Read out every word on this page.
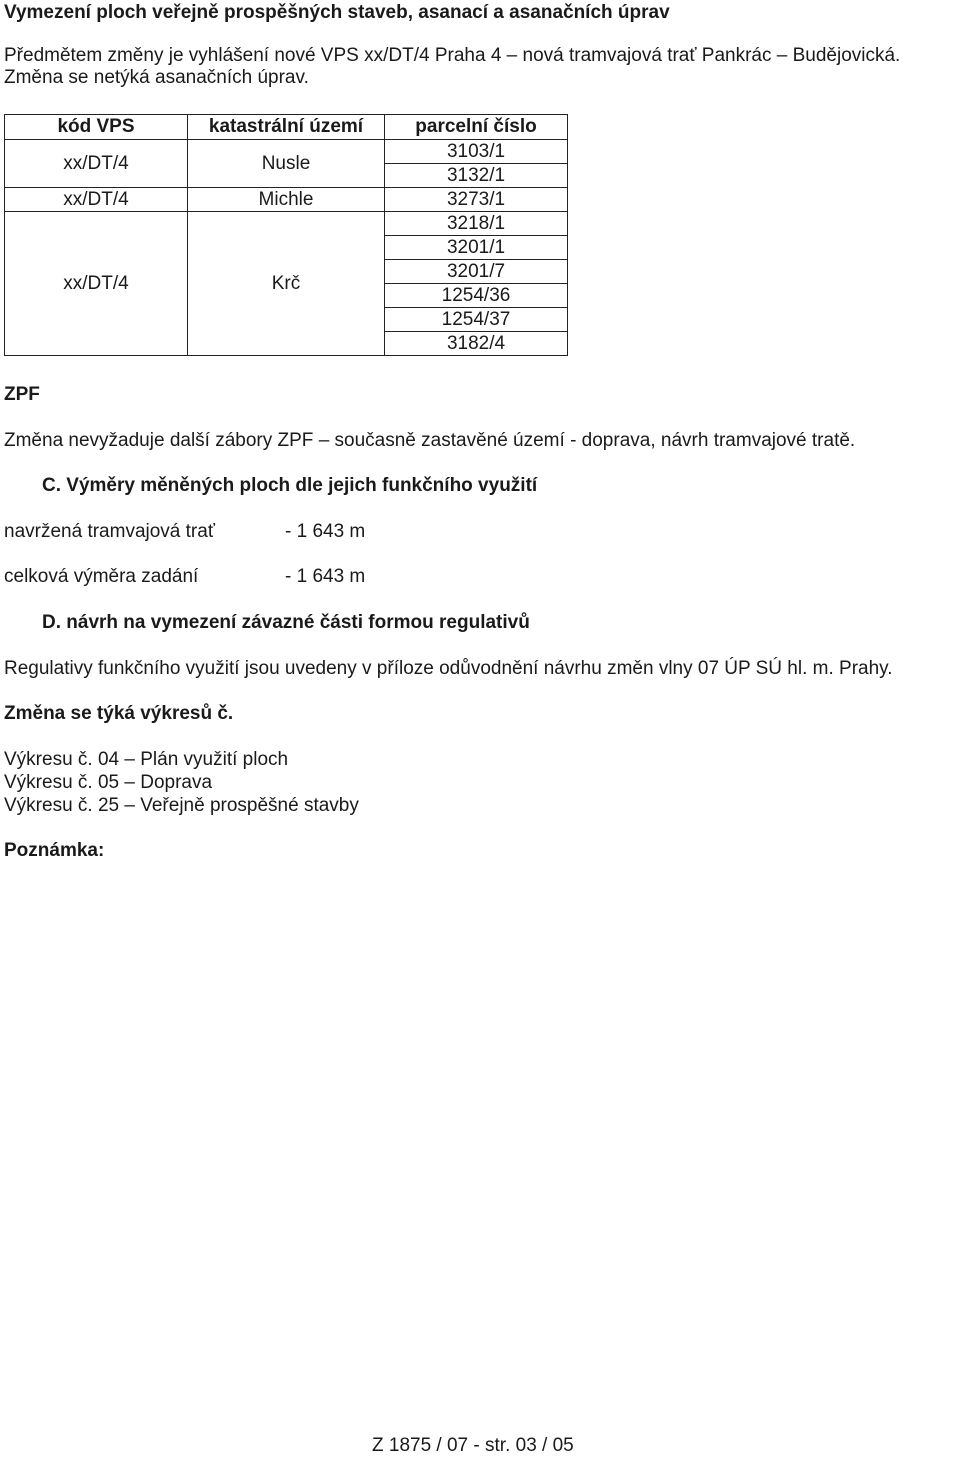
Vymezení ploch veřejně prospěšných staveb, asanací a asanačních úprav
Předmětem změny je vyhlášení nové VPS xx/DT/4 Praha 4 – nová tramvajová trať Pankrác – Budějovická.
Změna se netýká asanačních úprav.
kód VPS	katastrální území	parcelní číslo
xx/DT/4	Nusle	3103/1
		3132/1
xx/DT/4	Michle	3273/1
xx/DT/4	Krč	3218/1
		3201/1
		3201/7
		1254/36
		1254/37
		3182/4
ZPF
Změna nevyžaduje další zábory ZPF – současně zastavěné území - doprava, návrh tramvajové tratě.
C. Výměry měněných ploch dle jejich funkčního využití
navržená tramvajová trať	- 1 643 m
celková výměra zadání	- 1 643 m
D. návrh na vymezení závazné části formou regulativů
Regulativy funkčního využití jsou uvedeny v příloze odůvodnění návrhu změn vlny 07 ÚP SÚ hl. m. Prahy.
Změna se týká výkresů č.
Výkresu č. 04 – Plán využití ploch
Výkresu č. 05 – Doprava
Výkresu č. 25 – Veřejně prospěšné stavby
Poznámka:
Z 1875 / 07 - str. 03 / 05
